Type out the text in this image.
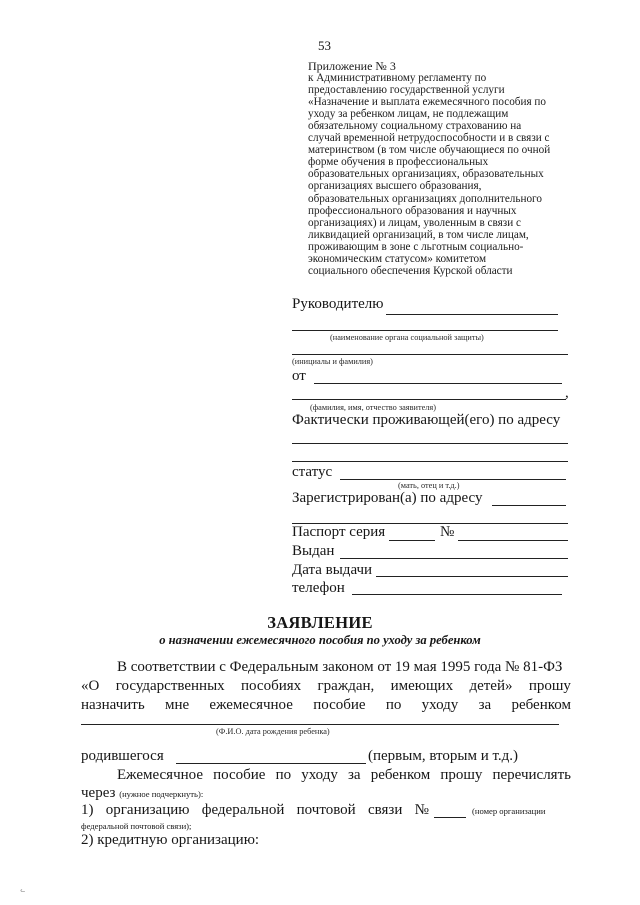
53
Приложение № 3
к Административному регламенту по
предоставлению государственной услуги
«Назначение и выплата ежемесячного пособия по
уходу за ребенком лицам, не подлежащим
обязательному социальному страхованию на
случай временной нетрудоспособности и в связи с
материнством (в том числе обучающиеся по очной
форме обучения в профессиональных
образовательных организациях, образовательных
организациях высшего образования,
образовательных организациях дополнительного
профессионального образования и научных
организациях) и лицам, уволенным в связи с
ликвидацией организаций, в том числе лицам,
проживающим в зоне с льготным социально-
экономическим статусом» комитетом
социального обеспечения Курской области
Руководителю
(наименование органа социальной защиты)
(инициалы и фамилия)
от
,
(фамилия, имя, отчество заявителя)
Фактически проживающей(его) по адресу
статус
(мать, отец и т.д.)
Зарегистрирован(а) по адресу
Паспорт серия	№
Выдан
Дата выдачи
телефон
ЗАЯВЛЕНИЕ
о назначении ежемесячного пособия по уходу за ребенком
В соответствии с Федеральным законом от 19 мая 1995 года № 81-ФЗ
«О государственных пособиях граждан, имеющих детей» прошу
назначить мне ежемесячное пособие по уходу за ребенком
(Ф.И.О. дата рождения ребенка)
родившегося	(первым, вторым и т.д.)
Ежемесячное пособие по уходу за ребенком прошу перечислять
через (нужное подчеркнуть):
1) организацию федеральной почтовой связи №	(номер организации
федеральной почтовой связи);
2) кредитную организацию:
ᓪ
